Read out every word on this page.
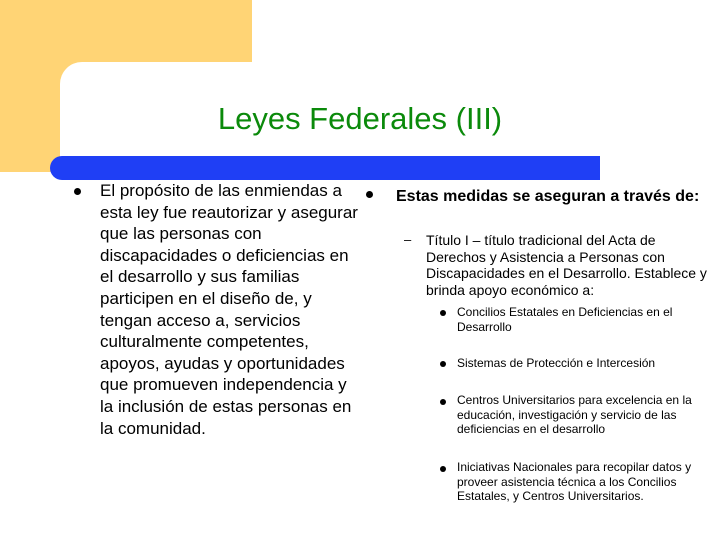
Leyes Federales (III)
El propósito de las enmiendas a esta ley fue reautorizar y asegurar que las personas con discapacidades o deficiencias en el desarrollo y sus familias participen en el diseño de, y tengan acceso a, servicios culturalmente competentes, apoyos, ayudas y oportunidades que promueven independencia y la inclusión de estas personas en la comunidad.
Estas medidas se aseguran a través de:
– Título I – título tradicional del Acta de Derechos y Asistencia a Personas con Discapacidades en el Desarrollo. Establece y brinda apoyo económico a:
Concilios Estatales en Deficiencias en el Desarrollo
Sistemas de Protección e Intercesión
Centros Universitarios para excelencia en la educación, investigación y servicio de las deficiencias en el desarrollo
Iniciativas Nacionales para recopilar datos y proveer asistencia técnica a los Concilios Estatales, y Centros Universitarios.
